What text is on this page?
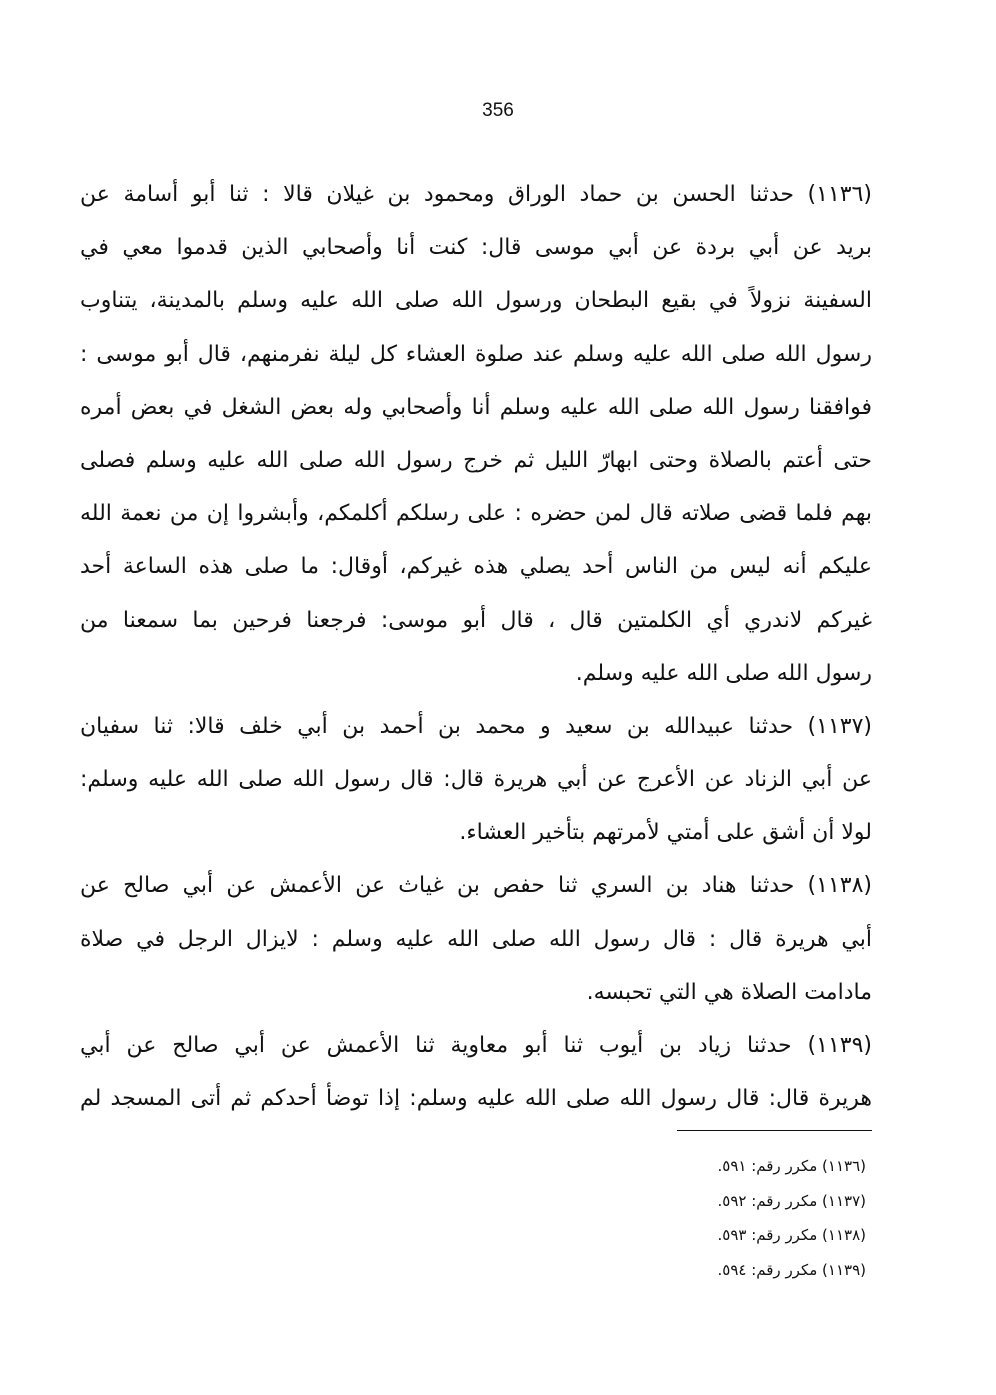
356
(١١٣٦) حدثنا الحسن بن حماد الوراق ومحمود بن غيلان قالا : ثنا أبو أسامة عن
بريد عن أبي بردة عن أبي موسى قال: كنت أنا وأصحابي الذين قدموا معي في
السفينة نزولاً في بقيع البطحان ورسول الله صلى الله عليه وسلم بالمدينة، يتناوب
رسول الله صلى الله عليه وسلم عند صلوة العشاء كل ليلة نفرمنهم، قال أبو موسى :
فوافقنا رسول الله صلى الله عليه وسلم أنا وأصحابي وله بعض الشغل في بعض أمره
حتى أعتم بالصلاة وحتى ابهارّ الليل ثم خرج رسول الله صلى الله عليه وسلم فصلى
بهم فلما قضى صلاته قال لمن حضره : على رسلكم أكلمكم، وأبشروا إن من نعمة الله
عليكم أنه ليس من الناس أحد يصلي هذه غيركم، أوقال: ما صلى هذه الساعة أحد
غيركم لاندري أي الكلمتين قال ، قال أبو موسى: فرجعنا فرحين بما سمعنا من
رسول الله صلى الله عليه وسلم.
(١١٣٧) حدثنا عبيدالله بن سعيد و محمد بن أحمد بن أبي خلف قالا: ثنا سفيان
عن أبي الزناد عن الأعرج عن أبي هريرة قال: قال رسول الله صلى الله عليه وسلم:
لولا أن أشق على أمتي لأمرتهم بتأخير العشاء.
(١١٣٨) حدثنا هناد بن السري ثنا حفص بن غياث عن الأعمش عن أبي صالح عن
أبي هريرة قال : قال رسول الله صلى الله عليه وسلم : لايزال الرجل في صلاة
مادامت الصلاة هي التي تحبسه.
(١١٣٩) حدثنا زياد بن أيوب ثنا أبو معاوية ثنا الأعمش عن أبي صالح عن أبي
هريرة قال: قال رسول الله صلى الله عليه وسلم: إذا توضأ أحدكم ثم أتى المسجد لم
(١١٣٦) مكرر رقم: ٥٩١.
(١١٣٧) مكرر رقم: ٥٩٢.
(١١٣٨) مكرر رقم: ٥٩٣.
(١١٣٩) مكرر رقم: ٥٩٤.
